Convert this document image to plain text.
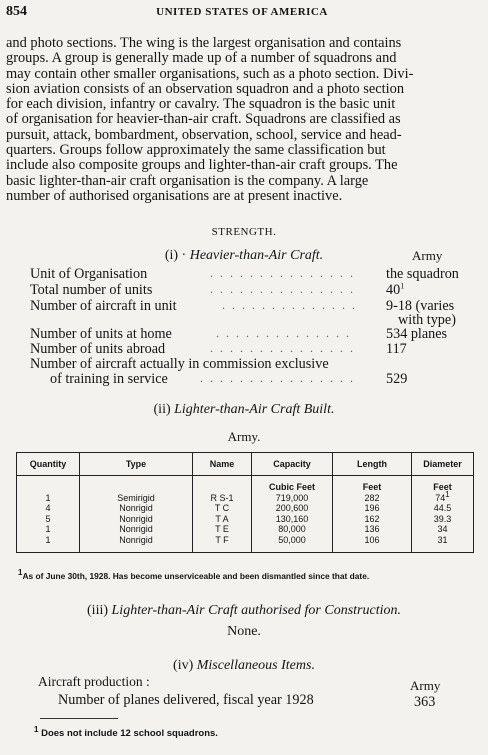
854	UNITED STATES OF AMERICA
and photo sections. The wing is the largest organisation and contains
groups. A group is generally made up of a number of squadrons and
may contain other smaller organisations, such as a photo section. Divi-
sion aviation consists of an observation squadron and a photo section
for each division, infantry or cavalry. The squadron is the basic unit
of organisation for heavier-than-air craft. Squadrons are classified as
pursuit, attack, bombardment, observation, school, service and head-
quarters. Groups follow approximately the same classification but
include also composite groups and lighter-than-air craft groups. The
basic lighter-than-air craft organisation is the company. A large
number of authorised organisations are at present inactive.
STRENGTH.
(i) · Heavier-than-Air Craft.	Army
Unit of Organisation	. . . . . . . . . . . . . . .	the squadron
Total number of units	. . . . . . . . . . . . . . .	$40^1$
Number of aircraft in unit	. . . . . . . . . . . . . .	9-18 (varies
with type)
Number of units at home	. . . . . . . . . . . . . .	534 planes
Number of units abroad	. . . . . . . . . . . . . . .	117
Number of aircraft actually in commission exclusive
of training in service	. . . . . . . . . . . . . . . .	529
(ii) Lighter-than-Air Craft Built.
Army.
Quantity	Type	Name	Capacity	Length	Diameter
			Cubic Feet	Feet	Feet
1	Semirigid	R S-1	719,000	282	$74^1$
4	Nonrigid	T C	200,600	196	44.5
5	Nonrigid	T A	130,160	162	39.3
1	Nonrigid	T E	80,000	136	34
1	Nonrigid	T F	50,000	106	31
$^1$As of June 30th, 1928. Has become unserviceable and been dismantled since that date.
(iii) Lighter-than-Air Craft authorised for Construction.
None.
(iv) Miscellaneous Items.
Aircraft production :	Army
Number of planes delivered, fiscal year 1928	363
$^1$ Does not include 12 school squadrons.
